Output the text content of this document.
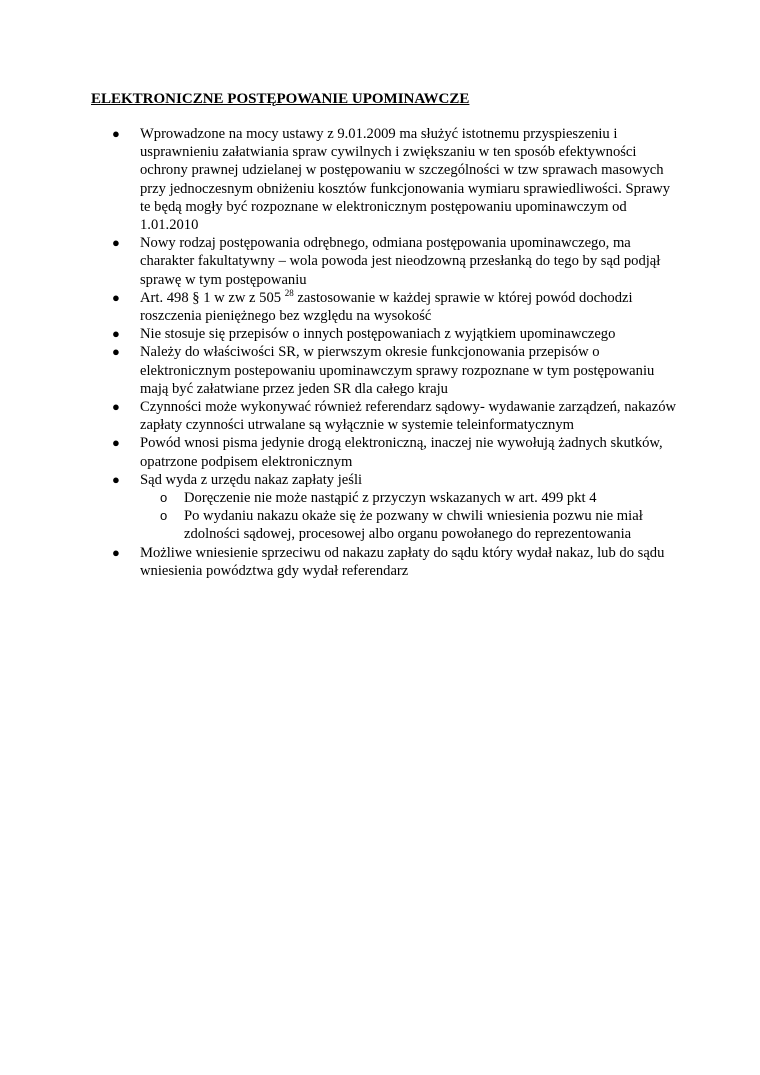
ELEKTRONICZNE POSTĘPOWANIE UPOMINAWCZE
● Wprowadzone na mocy ustawy z 9.01.2009 ma służyć istotnemu przyspieszeniu i usprawnieniu załatwiania spraw cywilnych i zwiększaniu w ten sposób efektywności ochrony prawnej udzielanej w postępowaniu w szczególności w tzw sprawach masowych przy jednoczesnym obniżeniu kosztów funkcjonowania wymiaru sprawiedliwości. Sprawy te będą mogły być rozpoznane w elektronicznym postępowaniu upominawczym od 1.01.2010
● Nowy rodzaj postępowania odrębnego, odmiana postępowania upominawczego, ma charakter fakultatywny – wola powoda jest nieodzowną przesłanką do tego by sąd podjął sprawę w tym postępowaniu
● Art. 498 § 1 w zw z 505 $^{28}$ zastosowanie w każdej sprawie w której powód dochodzi roszczenia pieniężnego bez względu na wysokość
● Nie stosuje się przepisów o innych postępowaniach z wyjątkiem upominawczego
● Należy do właściwości SR, w pierwszym okresie funkcjonowania przepisów o elektronicznym postepowaniu upominawczym sprawy rozpoznane w tym postępowaniu mają być załatwiane przez jeden SR dla całego kraju
● Czynności może wykonywać również referendarz sądowy- wydawanie zarządzeń, nakazów zapłaty czynności utrwalane są wyłącznie w systemie teleinformatycznym
● Powód wnosi pisma jedynie drogą elektroniczną, inaczej nie wywołują żadnych skutków, opatrzone podpisem elektronicznym
● Sąd wyda z urzędu nakaz zapłaty jeśli
o Doręczenie nie może nastąpić z przyczyn wskazanych w art. 499 pkt 4
o Po wydaniu nakazu okaże się że pozwany w chwili wniesienia pozwu nie miał zdolności sądowej, procesowej albo organu powołanego do reprezentowania
● Możliwe wniesienie sprzeciwu od nakazu zapłaty do sądu który wydał nakaz, lub do sądu wniesienia powództwa gdy wydał referendarz
